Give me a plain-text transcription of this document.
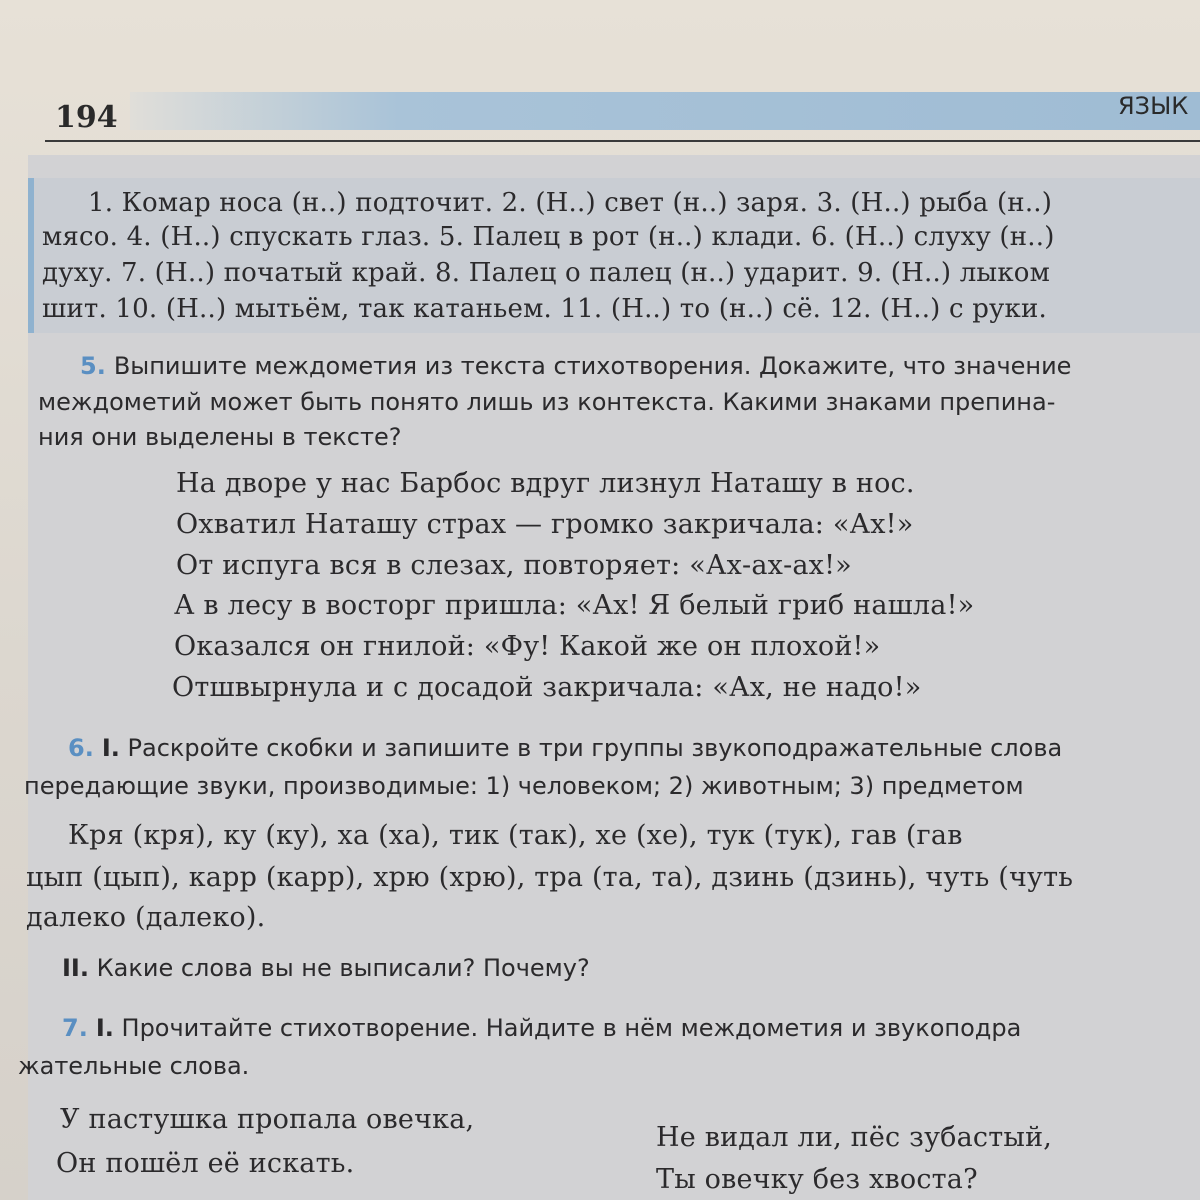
194	ЯЗЫК
1. Комар носа (н..) подточит. 2. (Н..) свет (н..) заря. 3. (Н..) рыба (н..)
мясо. 4. (Н..) спускать глаз. 5. Палец в рот (н..) клади. 6. (Н..) слуху (н..)
духу. 7. (Н..) початый край. 8. Палец о палец (н..) ударит. 9. (Н..) лыком
шит. 10. (Н..) мытьём, так катаньем. 11. (Н..) то (н..) сё. 12. (Н..) с руки.
5. Выпишите междометия из текста стихотворения. Докажите, что значение
междометий может быть понято лишь из контекста. Какими знаками препина-
ния они выделены в тексте?
На дворе у нас Барбос вдруг лизнул Наташу в нос.
Охватил Наташу страх — громко закричала: «Ах!»
От испуга вся в слезах, повторяет: «Ах-ах-ах!»
А в лесу в восторг пришла: «Ах! Я белый гриб нашла!»
Оказался он гнилой: «Фу! Какой же он плохой!»
Отшвырнула и с досадой закричала: «Ах, не надо!»
6. I. Раскройте скобки и запишите в три группы звукоподражательные слова
передающие звуки, производимые: 1) человеком; 2) животным; 3) предметом
Кря (кря), ку (ку), ха (ха), тик (так), хе (хе), тук (тук), гав (гав
цып (цып), карр (карр), хрю (хрю), тра (та, та), дзинь (дзинь), чуть (чуть
далеко (далеко).
II. Какие слова вы не выписали? Почему?
7. I. Прочитайте стихотворение. Найдите в нём междометия и звукоподра
жательные слова.
У пастушка пропала овечка,
Он пошёл её искать.
Не видал ли, пёс зубастый,
Ты овечку без хвоста?
